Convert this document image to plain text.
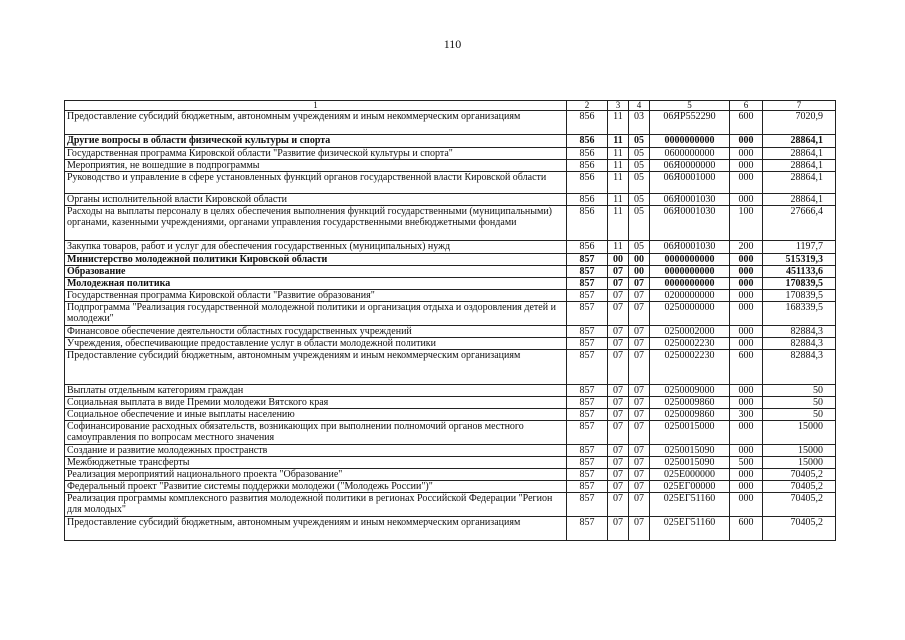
110
1	2	3	4	5	6	7
Предоставление субсидий бюджетным, автономным учреждениям и иным некоммерческим организациям	856	11	03	06ЯР552290	600	7020,9
Другие вопросы в области физической культуры и спорта	856	11	05	0000000000	000	28864,1
Государственная программа Кировской области "Развитие физической культуры и спорта"	856	11	05	0600000000	000	28864,1
Мероприятия, не вошедшие в подпрограммы	856	11	05	06Я0000000	000	28864,1
Руководство и управление в сфере установленных функций органов государственной власти Кировской области	856	11	05	06Я0001000	000	28864,1
Органы исполнительной власти Кировской области	856	11	05	06Я0001030	000	28864,1
Расходы на выплаты персоналу в целях обеспечения выполнения функций государственными (муниципальными) органами, казенными учреждениями, органами управления государственными внебюджетными фондами	856	11	05	06Я0001030	100	27666,4
Закупка товаров, работ и услуг для обеспечения государственных (муниципальных) нужд	856	11	05	06Я0001030	200	1197,7
Министерство молодежной политики Кировской области	857	00	00	0000000000	000	515319,3
Образование	857	07	00	0000000000	000	451133,6
Молодежная политика	857	07	07	0000000000	000	170839,5
Государственная программа Кировской области "Развитие образования"	857	07	07	0200000000	000	170839,5
Подпрограмма "Реализация государственной молодежной политики и организация отдыха и оздоровления детей и молодежи"	857	07	07	0250000000	000	168339,5
Финансовое обеспечение деятельности областных государственных учреждений	857	07	07	0250002000	000	82884,3
Учреждения, обеспечивающие предоставление услуг в области молодежной политики	857	07	07	0250002230	000	82884,3
Предоставление субсидий бюджетным, автономным учреждениям и иным некоммерческим организациям	857	07	07	0250002230	600	82884,3
Выплаты отдельным категориям граждан	857	07	07	0250009000	000	50
Социальная выплата в виде Премии молодежи Вятского края	857	07	07	0250009860	000	50
Социальное обеспечение и иные выплаты населению	857	07	07	0250009860	300	50
Софинансирование расходных обязательств, возникающих при выполнении полномочий органов местного самоуправления по вопросам местного значения	857	07	07	0250015000	000	15000
Создание и развитие молодежных пространств	857	07	07	0250015090	000	15000
Межбюджетные трансферты	857	07	07	0250015090	500	15000
Реализация мероприятий национального проекта "Образование"	857	07	07	025E000000	000	70405,2
Федеральный проект "Развитие системы поддержки молодежи ("Молодежь России")"	857	07	07	025EГ00000	000	70405,2
Реализация программы комплексного развития молодежной политики в регионах Российской Федерации "Регион для молодых"	857	07	07	025EГ51160	000	70405,2
Предоставление субсидий бюджетным, автономным учреждениям и иным некоммерческим организациям	857	07	07	025EГ51160	600	70405,2
